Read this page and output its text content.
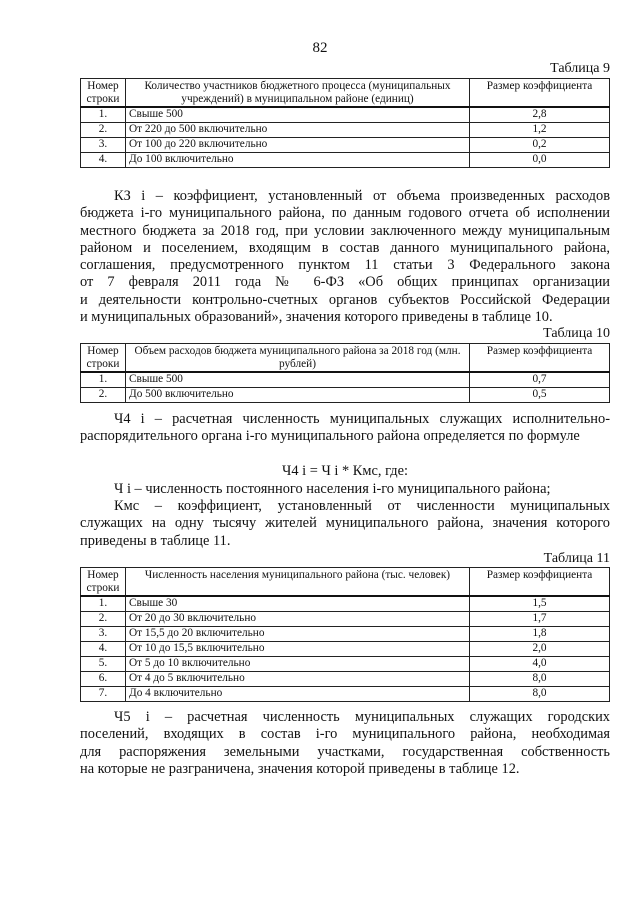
82
Таблица 9
Номер строки	Количество участников бюджетного процесса (муниципальных учреждений) в муниципальном районе (единиц)	Размер коэффициента
1.	Свыше 500	2,8
2.	От 220 до 500 включительно	1,2
3.	От 100 до 220 включительно	0,2
4.	До 100 включительно	0,0
КЗ i – коэффициент, установленный от объема произведенных расходов
бюджета i-го муниципального района, по данным годового отчета об исполнении
местного бюджета за 2018 год, при условии заключенного между муниципальным
районом и поселением, входящим в состав данного муниципального района,
соглашения, предусмотренного пунктом 11 статьи 3 Федерального закона
от 7 февраля 2011 года № 6-ФЗ «Об общих принципах организации
и деятельности контрольно-счетных органов субъектов Российской Федерации
и муниципальных образований», значения которого приведены в таблице 10.
Таблица 10
Номер строки	Объем расходов бюджета муниципального района за 2018 год (млн. рублей)	Размер коэффициента
1.	Свыше 500	0,7
2.	До 500 включительно	0,5
Ч4 i – расчетная численность муниципальных служащих исполнительно-
распорядительного органа i-го муниципального района определяется по формуле
Ч4 i = Ч i * Кмс, где:
Ч i – численность постоянного населения i-го муниципального района;
Кмс – коэффициент, установленный от численности муниципальных
служащих на одну тысячу жителей муниципального района, значения которого
приведены в таблице 11.
Таблица 11
Номер строки	Численность населения муниципального района (тыс. человек)	Размер коэффициента
1.	Свыше 30	1,5
2.	От 20 до 30 включительно	1,7
3.	От 15,5 до 20 включительно	1,8
4.	От 10 до 15,5 включительно	2,0
5.	От 5 до 10 включительно	4,0
6.	От 4 до 5 включительно	8,0
7.	До 4 включительно	8,0
Ч5 i – расчетная численность муниципальных служащих городских
поселений, входящих в состав i-го муниципального района, необходимая
для распоряжения земельными участками, государственная собственность
на которые не разграничена, значения которой приведены в таблице 12.
